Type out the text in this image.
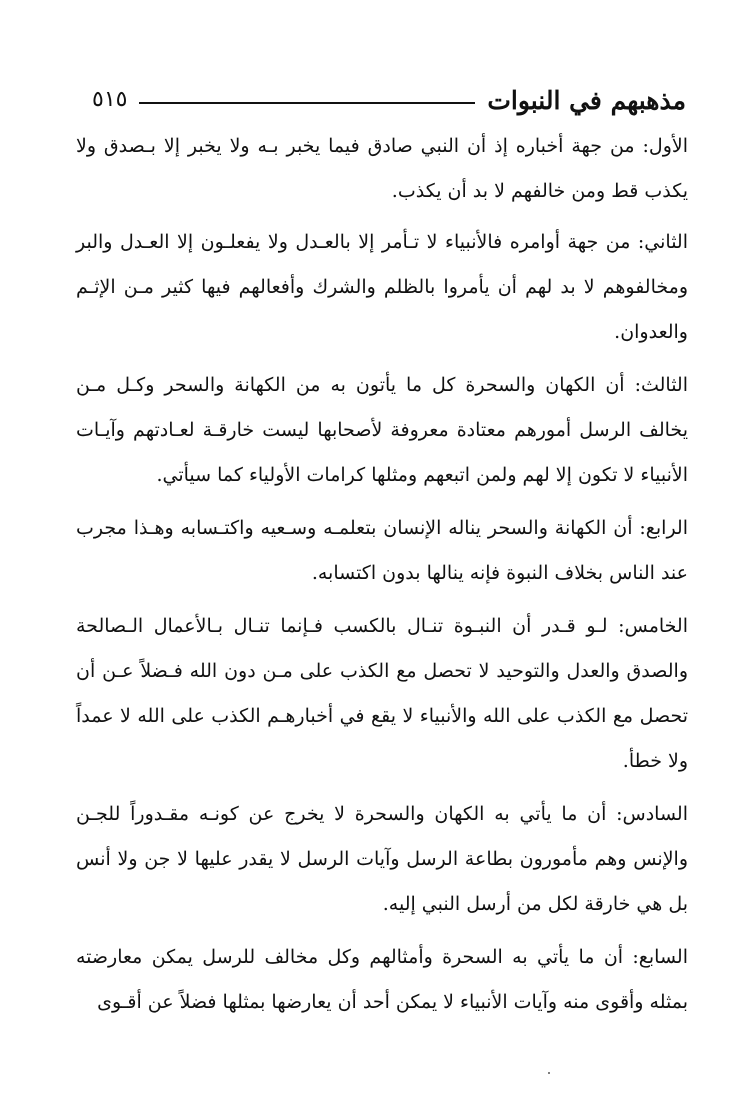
مذهبهم في النبوات
٥١٥

الأول: من جهة أخباره إذ أن النبي صادق فيما يخبر بـه ولا يخبر إلا بـصدق ولا يكذب قط ومن خالفهم لا بد أن يكذب.

الثاني: من جهة أوامره فالأنبياء لا تـأمر إلا بالعـدل ولا يفعلـون إلا العـدل والبر ومخالفوهم لا بد لهم أن يأمروا بالظلم والشرك وأفعالهم فيها كثير مـن الإثـم والعدوان.

الثالث: أن الكهان والسحرة كل ما يأتون به من الكهانة والسحر وكـل مـن يخالف الرسل أمورهم معتادة معروفة لأصحابها ليست خارقـة لعـادتهم وآيـات الأنبياء لا تكون إلا لهم ولمن اتبعهم ومثلها كرامات الأولياء كما سيأتي.

الرابع: أن الكهانة والسحر يناله الإنسان بتعلمـه وسـعيه واكتـسابه وهـذا مجرب عند الناس بخلاف النبوة فإنه ينالها بدون اكتسابه.

الخامس: لـو قـدر أن النبـوة تنـال بالكسب فـإنما تنـال بـالأعمال الـصالحة والصدق والعدل والتوحيد لا تحصل مع الكذب على مـن دون الله فـضلاً عـن أن تحصل مع الكذب على الله والأنبياء لا يقع في أخبارهـم الكذب على الله لا عمداً ولا خطأ.

السادس: أن ما يأتي به الكهان والسحرة لا يخرج عن كونـه مقـدوراً للجـن والإنس وهم مأمورون بطاعة الرسل وآيات الرسل لا يقدر عليها لا جن ولا أنس بل هي خارقة لكل من أرسل النبي إليه.

السابع: أن ما يأتي به السحرة وأمثالهم وكل مخالف للرسل يمكن معارضته بمثله وأقوى منه وآيات الأنبياء لا يمكن أحد أن يعارضها بمثلها فضلاً عن أقـوى
